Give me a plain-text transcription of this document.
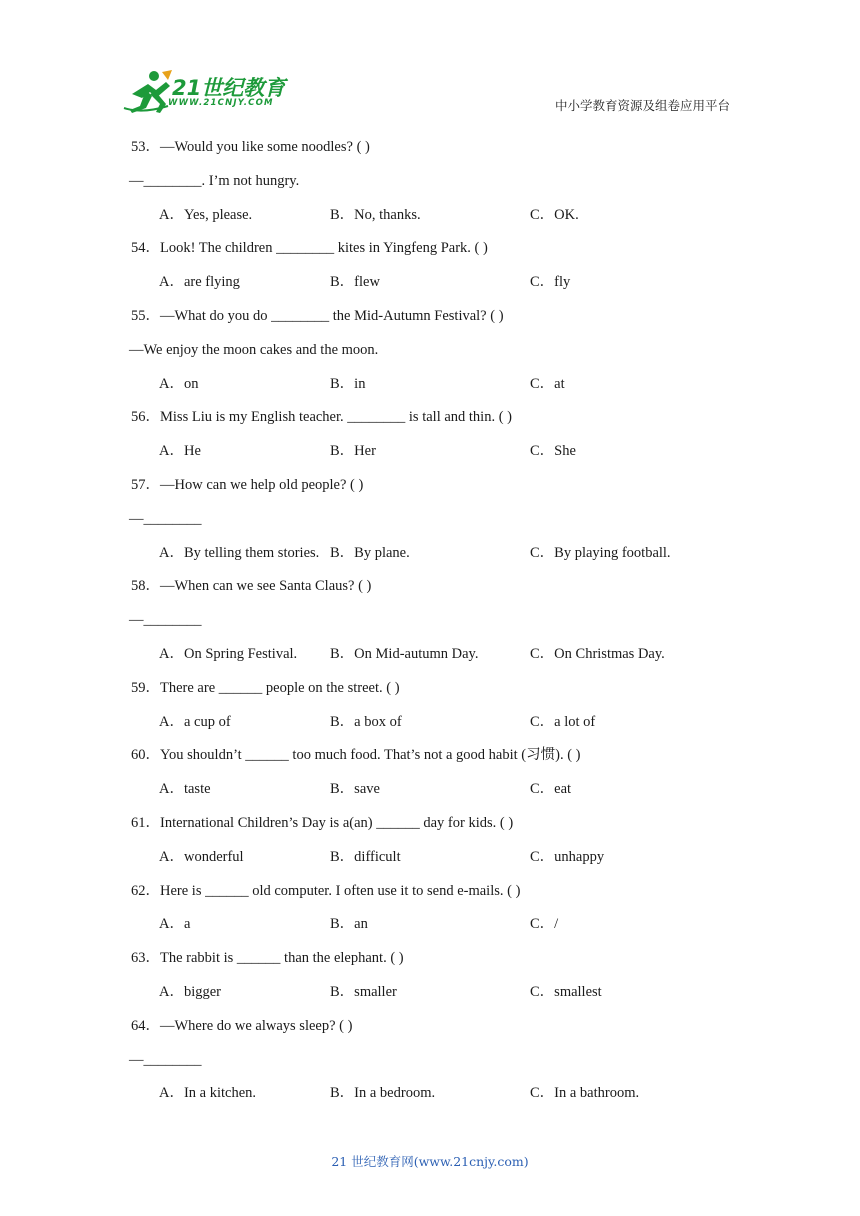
21世纪教育
WWW.21CNJY.COM	中小学教育资源及组卷应用平台
53．—Would you like some noodles? ( )
—________. I’m not hungry.
A．Yes, please.	B．No, thanks.	C．OK.
54．Look! The children ________ kites in Yingfeng Park. ( )
A．are flying	B．flew	C．fly
55．—What do you do ________ the Mid-Autumn Festival? ( )
—We enjoy the moon cakes and the moon.
A．on	B．in	C．at
56．Miss Liu is my English teacher. ________ is tall and thin. ( )
A．He	B．Her	C．She
57．—How can we help old people? ( )
—________
A．By telling them stories. B．By plane.	C．By playing football.
58．—When can we see Santa Claus? ( )
—________
A．On Spring Festival. B．On Mid-autumn Day.	C．On Christmas Day.
59．There are ______ people on the street. ( )
A．a cup of	B．a box of	C．a lot of
60．You shouldn’t ______ too much food. That’s not a good habit (习惯). ( )
A．taste	B．save	C．eat
61．International Children’s Day is a(an) ______ day for kids. ( )
A．wonderful	B．difficult	C．unhappy
62．Here is ______ old computer. I often use it to send e-mails. ( )
A．a	B．an	C．/
63．The rabbit is ______ than the elephant. ( )
A．bigger	B．smaller	C．smallest
64．—Where do we always sleep? ( )
—________
A．In a kitchen.	B．In a bedroom.	C．In a bathroom.
21 世纪教育网(www.21cnjy.com)
